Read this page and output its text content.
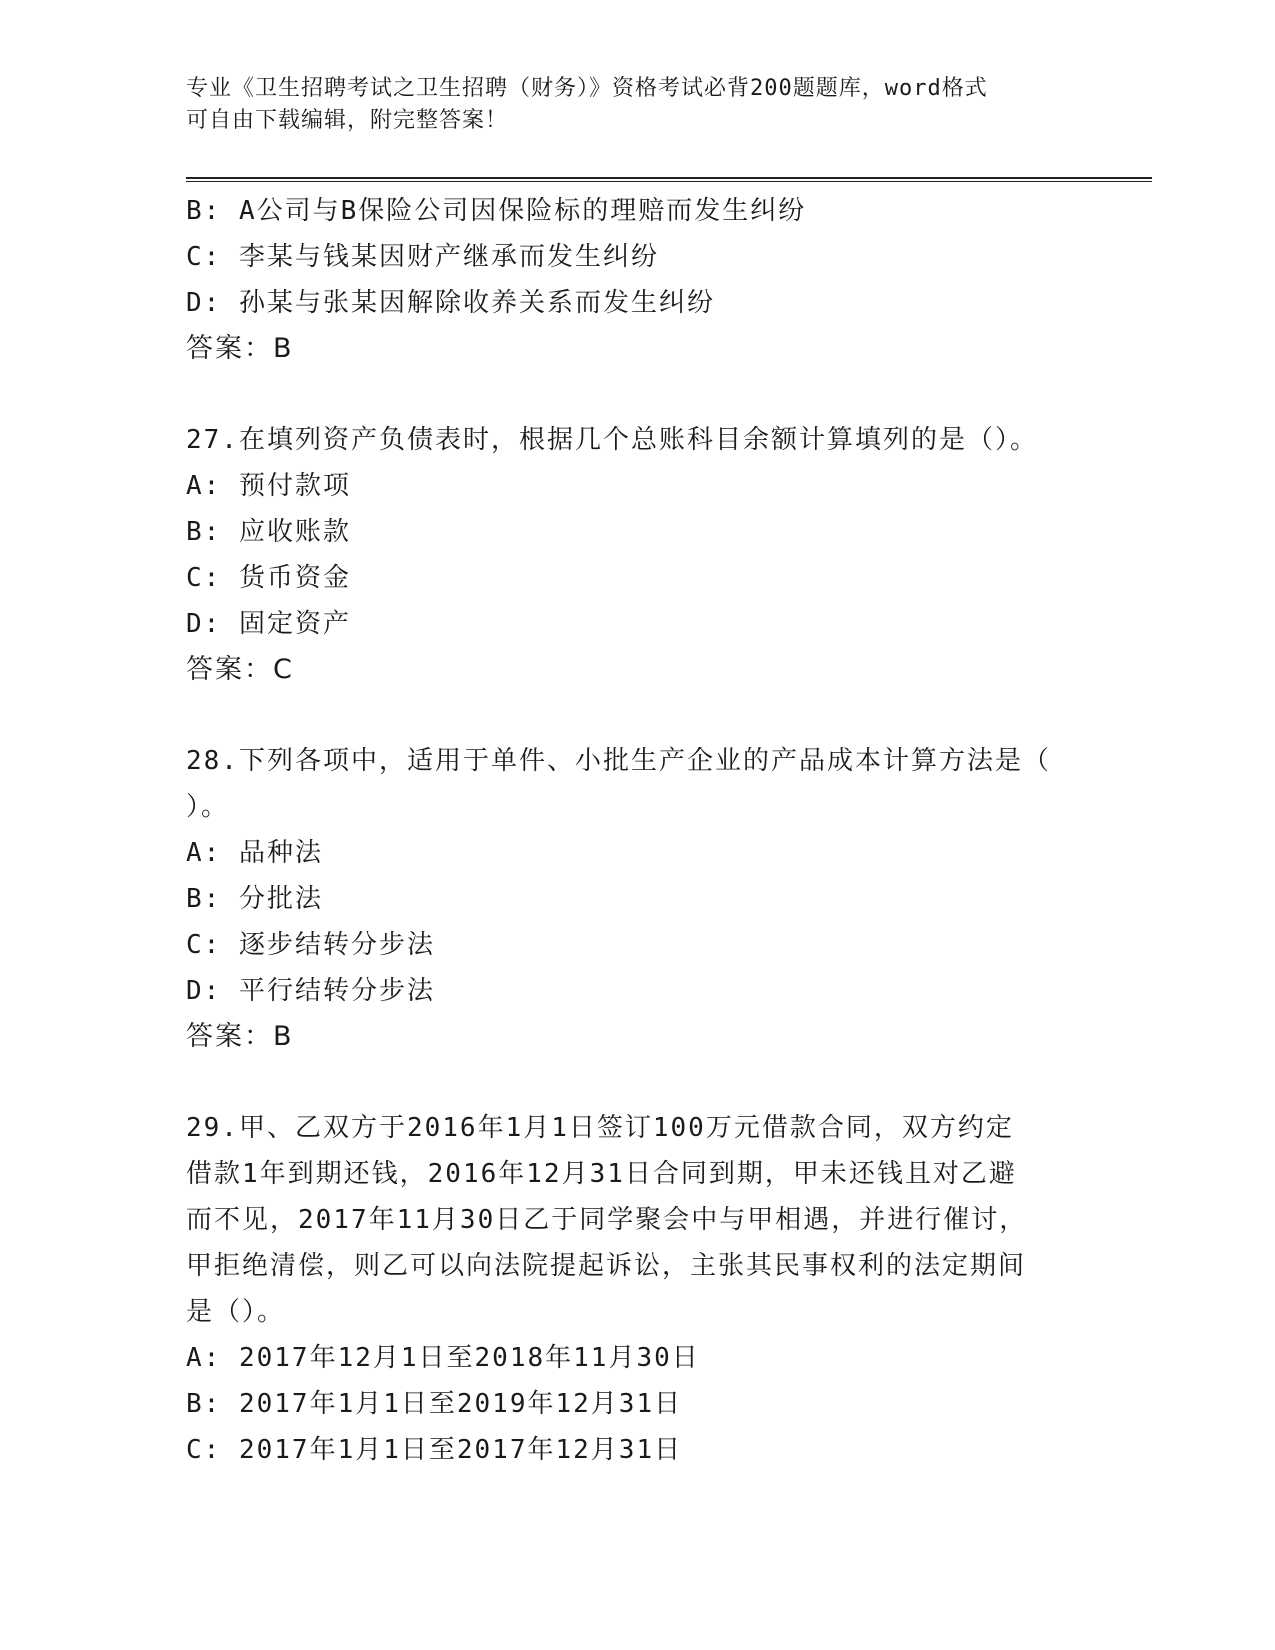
专业《卫生招聘考试之卫生招聘（财务）》资格考试必背200题题库，word格式
可自由下载编辑，附完整答案！
B: A公司与B保险公司因保险标的理赔而发生纠纷
C: 李某与钱某因财产继承而发生纠纷
D: 孙某与张某因解除收养关系而发生纠纷
答案：B
27.在填列资产负债表时，根据几个总账科目余额计算填列的是（）。
A: 预付款项
B: 应收账款
C: 货币资金
D: 固定资产
答案：C
28.下列各项中，适用于单件、小批生产企业的产品成本计算方法是（
）。
A: 品种法
B: 分批法
C: 逐步结转分步法
D: 平行结转分步法
答案：B
29.甲、乙双方于2016年1月1日签订100万元借款合同，双方约定
借款1年到期还钱，2016年12月31日合同到期，甲未还钱且对乙避
而不见，2017年11月30日乙于同学聚会中与甲相遇，并进行催讨，
甲拒绝清偿，则乙可以向法院提起诉讼，主张其民事权利的法定期间
是（）。
A: 2017年12月1日至2018年11月30日
B: 2017年1月1日至2019年12月31日
C: 2017年1月1日至2017年12月31日
